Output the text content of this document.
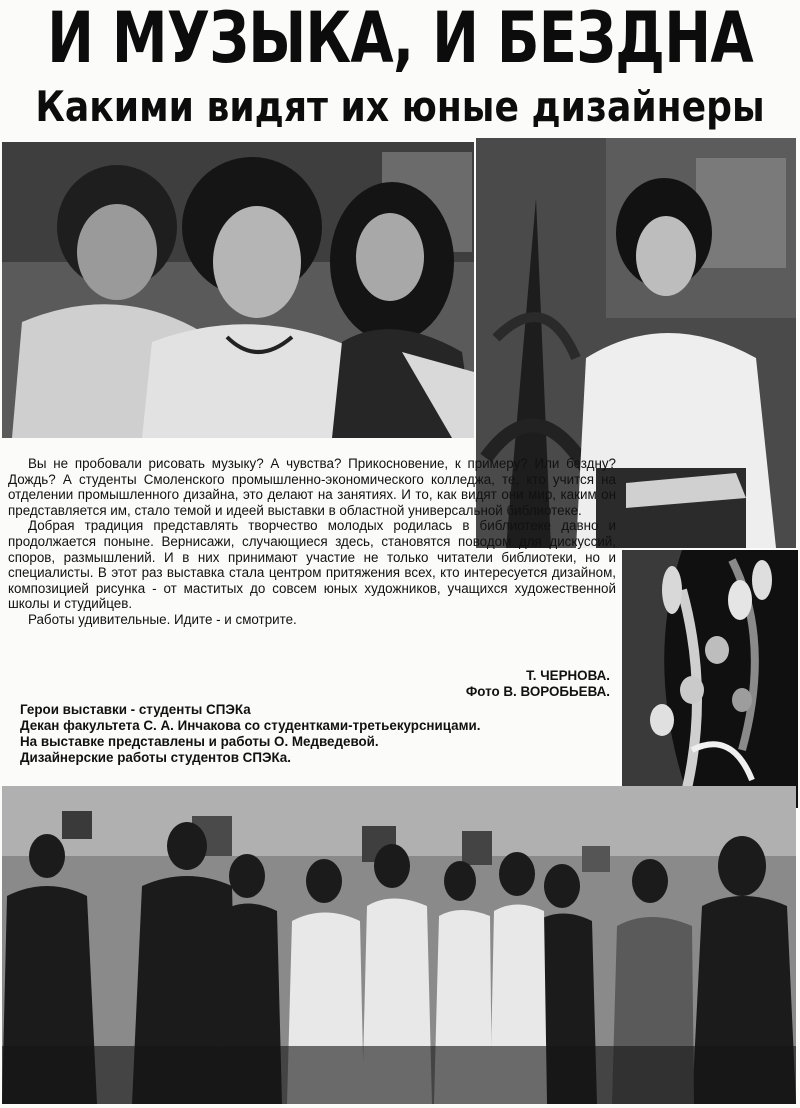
И МУЗЫКА, И БЕЗДНА
Какими видят их юные дизайнеры

Вы не пробовали рисовать музыку? А чувства? Прикосновение, к примеру? Или бездну? Дождь? А студенты Смоленского промышленно-экономического колледжа, те, кто учится на отделении промышленного дизайна, это делают на занятиях. И то, как видят они мир, каким он представляется им, стало темой и идеей выставки в областной универсальной библиотеке.

Добрая традиция представлять творчество молодых родилась в библиотеке давно и продолжается поныне. Вернисажи, случающиеся здесь, становятся поводом для дискуссий, споров, размышлений. И в них принимают участие не только читатели библиотеки, но и специалисты. В этот раз выставка стала центром притяжения всех, кто интересуется дизайном, композицией рисунка - от маститых до совсем юных художников, учащихся художественной школы и студийцев.

Работы удивительные. Идите - и смотрите.

Т. ЧЕРНОВА.
Фото В. ВОРОБЬЕВА.
Герои выставки - студенты СПЭКа
Декан факультета С. А. Инчакова со студентками-третьекурсницами.
На выставке представлены и работы О. Медведевой.
Дизайнерские работы студентов СПЭКа.
